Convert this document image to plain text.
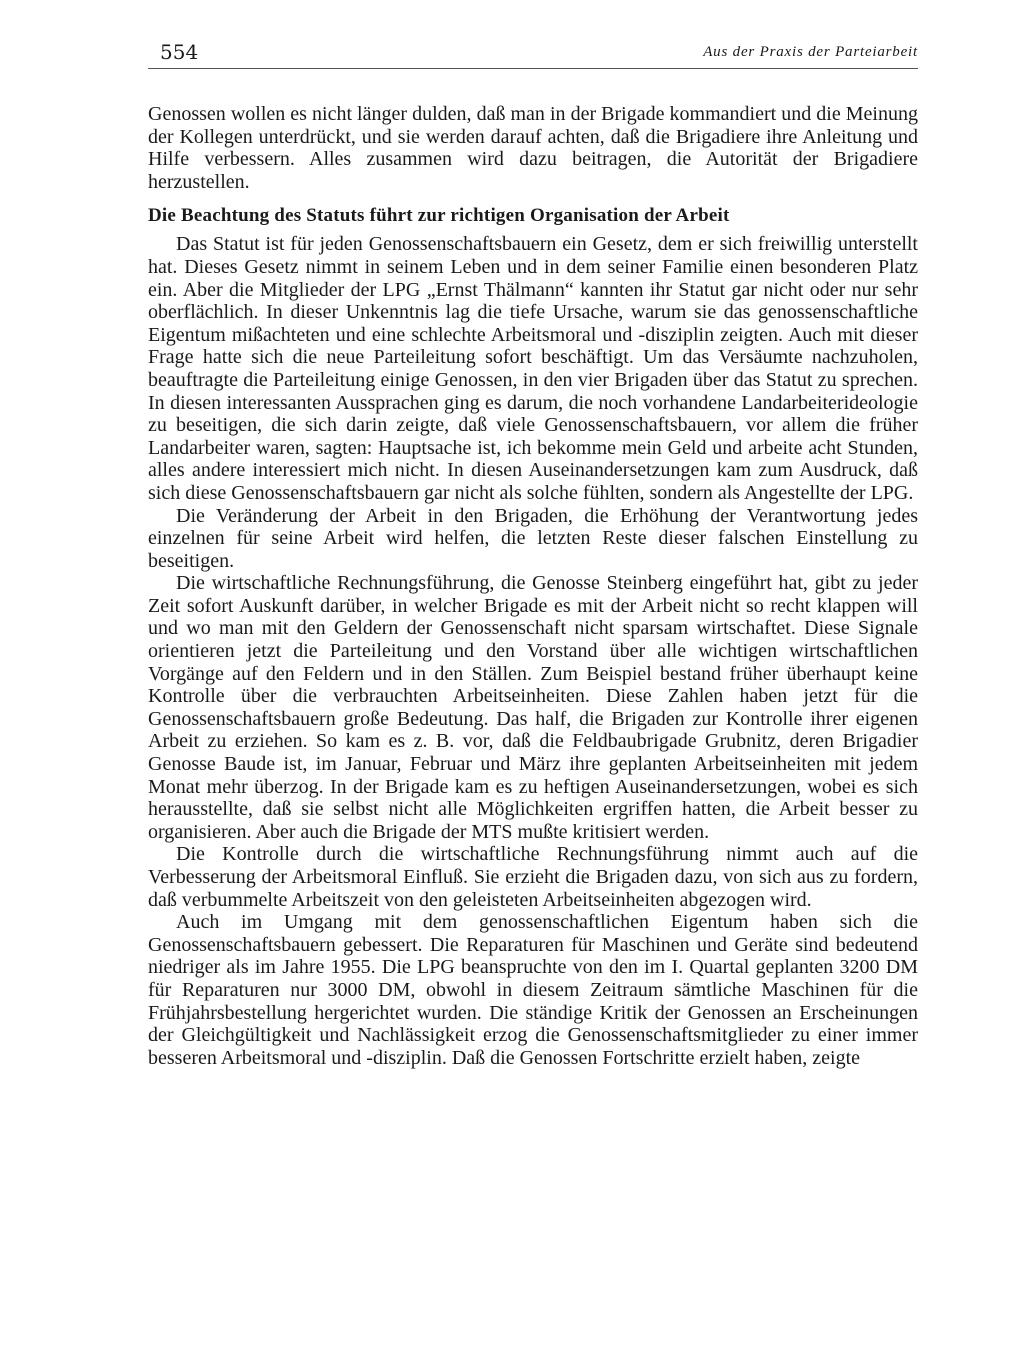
554	Aus der Praxis der Parteiarbeit

Genossen wollen es nicht länger dulden, daß man in der Brigade kommandiert und die Meinung der Kollegen unterdrückt, und sie werden darauf achten, daß die Brigadiere ihre Anleitung und Hilfe verbessern. Alles zusammen wird dazu beitragen, die Autorität der Brigadiere herzustellen.

Die Beachtung des Statuts führt zur richtigen Organisation der Arbeit

Das Statut ist für jeden Genossenschaftsbauern ein Gesetz, dem er sich freiwillig unterstellt hat. Dieses Gesetz nimmt in seinem Leben und in dem seiner Familie einen besonderen Platz ein. Aber die Mitglieder der LPG „Ernst Thälmann“ kannten ihr Statut gar nicht oder nur sehr oberflächlich. In dieser Unkenntnis lag die tiefe Ursache, warum sie das genossenschaftliche Eigentum mißachteten und eine schlechte Arbeitsmoral und -disziplin zeigten. Auch mit dieser Frage hatte sich die neue Parteileitung sofort beschäftigt. Um das Versäumte nachzuholen, beauftragte die Parteileitung einige Genossen, in den vier Brigaden über das Statut zu sprechen. In diesen interessanten Aussprachen ging es darum, die noch vorhandene Landarbeiterideologie zu beseitigen, die sich darin zeigte, daß viele Genossenschaftsbauern, vor allem die früher Landarbeiter waren, sagten: Hauptsache ist, ich bekomme mein Geld und arbeite acht Stunden, alles andere interessiert mich nicht. In diesen Auseinandersetzungen kam zum Ausdruck, daß sich diese Genossenschaftsbauern gar nicht als solche fühlten, sondern als Angestellte der LPG.

Die Veränderung der Arbeit in den Brigaden, die Erhöhung der Verantwortung jedes einzelnen für seine Arbeit wird helfen, die letzten Reste dieser falschen Einstellung zu beseitigen.

Die wirtschaftliche Rechnungsführung, die Genosse Steinberg eingeführt hat, gibt zu jeder Zeit sofort Auskunft darüber, in welcher Brigade es mit der Arbeit nicht so recht klappen will und wo man mit den Geldern der Genossenschaft nicht sparsam wirtschaftet. Diese Signale orientieren jetzt die Parteileitung und den Vorstand über alle wichtigen wirtschaftlichen Vorgänge auf den Feldern und in den Ställen. Zum Beispiel bestand früher überhaupt keine Kontrolle über die verbrauchten Arbeitseinheiten. Diese Zahlen haben jetzt für die Genossenschaftsbauern große Bedeutung. Das half, die Brigaden zur Kontrolle ihrer eigenen Arbeit zu erziehen. So kam es z. B. vor, daß die Feldbaubrigade Grubnitz, deren Brigadier Genosse Baude ist, im Januar, Februar und März ihre geplanten Arbeitseinheiten mit jedem Monat mehr überzog. In der Brigade kam es zu heftigen Auseinandersetzungen, wobei es sich herausstellte, daß sie selbst nicht alle Möglichkeiten ergriffen hatten, die Arbeit besser zu organisieren. Aber auch die Brigade der MTS mußte kritisiert werden.

Die Kontrolle durch die wirtschaftliche Rechnungsführung nimmt auch auf die Verbesserung der Arbeitsmoral Einfluß. Sie erzieht die Brigaden dazu, von sich aus zu fordern, daß verbummelte Arbeitszeit von den geleisteten Arbeitseinheiten abgezogen wird.

Auch im Umgang mit dem genossenschaftlichen Eigentum haben sich die Genossenschaftsbauern gebessert. Die Reparaturen für Maschinen und Geräte sind bedeutend niedriger als im Jahre 1955. Die LPG beanspruchte von den im I. Quartal geplanten 3200 DM für Reparaturen nur 3000 DM, obwohl in diesem Zeitraum sämtliche Maschinen für die Frühjahrsbestellung hergerichtet wurden. Die ständige Kritik der Genossen an Erscheinungen der Gleichgültigkeit und Nachlässigkeit erzog die Genossenschaftsmitglieder zu einer immer besseren Arbeitsmoral und -disziplin. Daß die Genossen Fortschritte erzielt haben, zeigte
